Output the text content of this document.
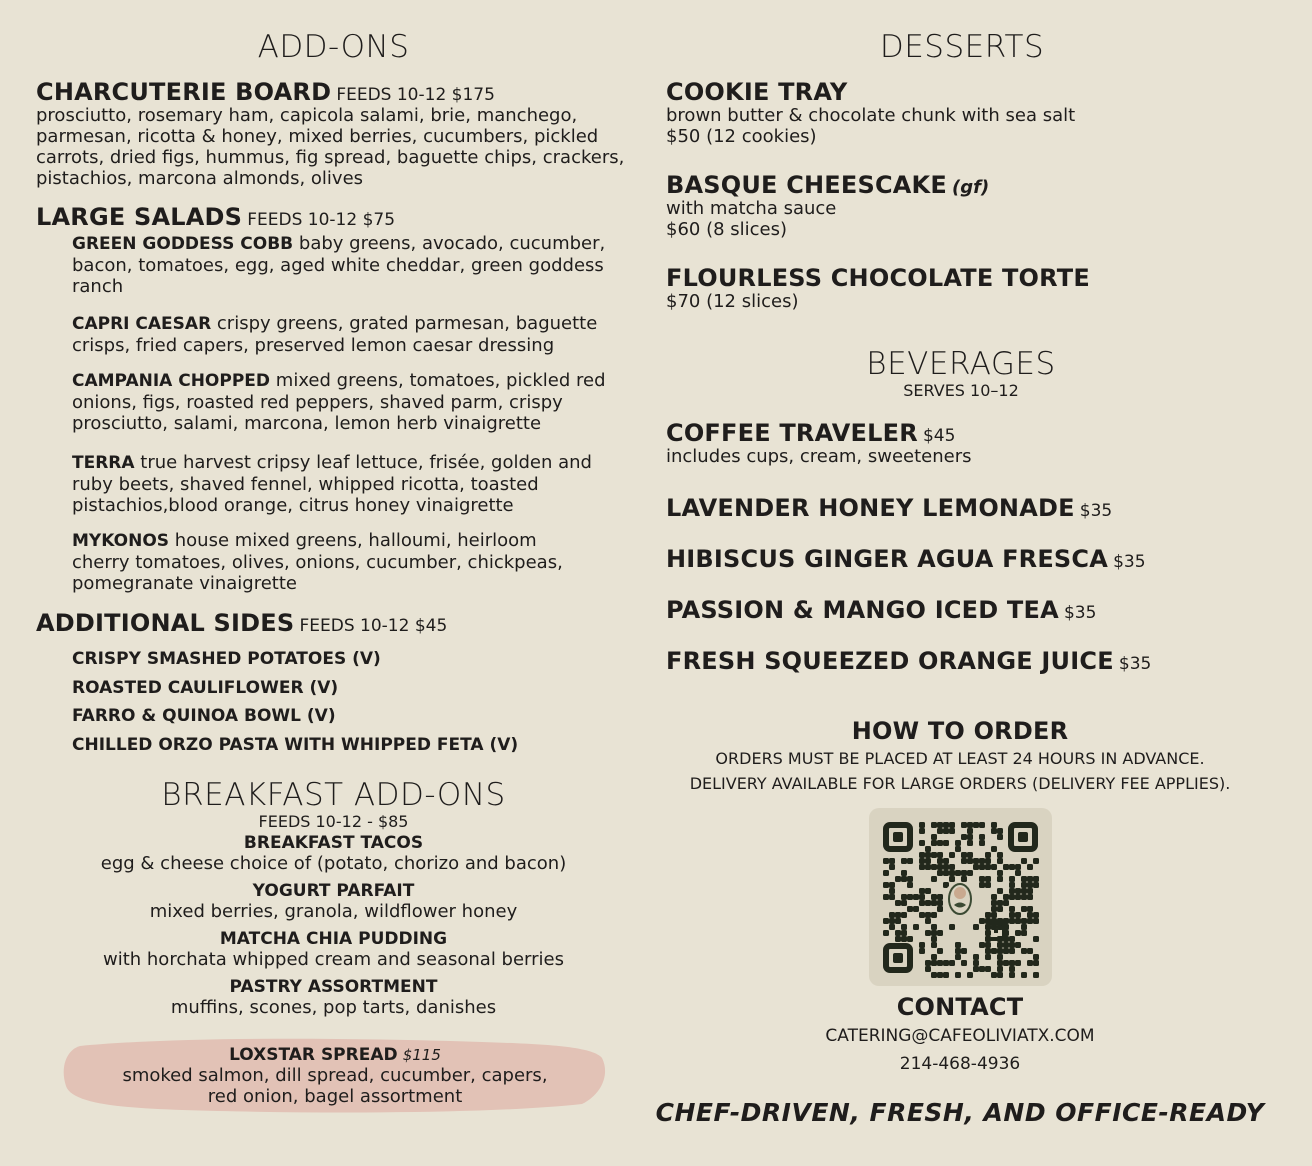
ADD-ONS
CHARCUTERIE BOARD FEEDS 10-12 $175
prosciutto, rosemary ham, capicola salami, brie, manchego, parmesan, ricotta & honey, mixed berries, cucumbers, pickled carrots, dried figs, hummus, fig spread, baguette chips, crackers, pistachios, marcona almonds, olives
LARGE SALADS FEEDS 10-12 $75
GREEN GODDESS COBB baby greens, avocado, cucumber, bacon, tomatoes, egg, aged white cheddar, green goddess ranch
CAPRI CAESAR crispy greens, grated parmesan, baguette crisps, fried capers, preserved lemon caesar dressing
CAMPANIA CHOPPED mixed greens, tomatoes, pickled red onions, figs, roasted red peppers, shaved parm, crispy prosciutto, salami, marcona, lemon herb vinaigrette
TERRA true harvest cripsy leaf lettuce, frisée, golden and ruby beets, shaved fennel, whipped ricotta, toasted pistachios,blood orange, citrus honey vinaigrette
MYKONOS house mixed greens, halloumi, heirloom cherry tomatoes, olives, onions, cucumber, chickpeas, pomegranate vinaigrette
ADDITIONAL SIDES FEEDS 10-12 $45
CRISPY SMASHED POTATOES (V)
ROASTED CAULIFLOWER (V)
FARRO & QUINOA BOWL (V)
CHILLED ORZO PASTA WITH WHIPPED FETA (V)
BREAKFAST ADD-ONS
FEEDS 10-12 - $85
BREAKFAST TACOS
egg & cheese choice of (potato, chorizo and bacon)
YOGURT PARFAIT
mixed berries, granola, wildflower honey
MATCHA CHIA PUDDING
with horchata whipped cream and seasonal berries
PASTRY ASSORTMENT
muffins, scones, pop tarts, danishes
LOXSTAR SPREAD $115
smoked salmon, dill spread, cucumber, capers,
red onion, bagel assortment
DESSERTS
COOKIE TRAY
brown butter & chocolate chunk with sea salt
$50 (12 cookies)
BASQUE CHEESCAKE (gf)
with matcha sauce
$60 (8 slices)
FLOURLESS CHOCOLATE TORTE
$70 (12 slices)
BEVERAGES
SERVES 10–12
COFFEE TRAVELER $45
includes cups, cream, sweeteners
LAVENDER HONEY LEMONADE $35
HIBISCUS GINGER AGUA FRESCA $35
PASSION & MANGO ICED TEA $35
FRESH SQUEEZED ORANGE JUICE $35
HOW TO ORDER
ORDERS MUST BE PLACED AT LEAST 24 HOURS IN ADVANCE.
DELIVERY AVAILABLE FOR LARGE ORDERS (DELIVERY FEE APPLIES).
CONTACT
CATERING@CAFEOLIVIATX.COM
214-468-4936
CHEF-DRIVEN, FRESH, AND OFFICE-READY
